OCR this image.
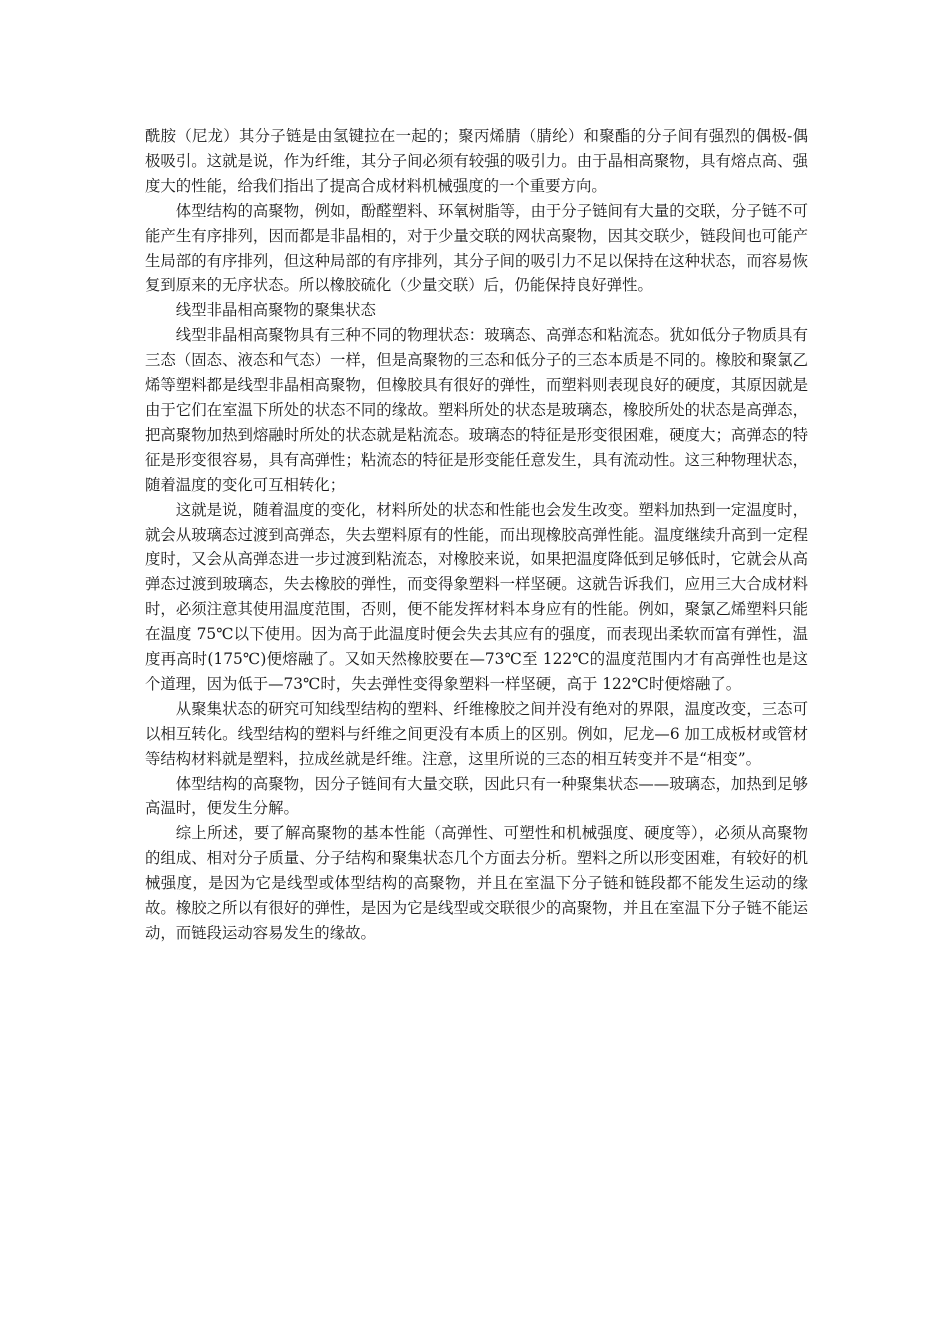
酰胺（尼龙）其分子链是由氢键拉在一起的；聚丙烯腈（腈纶）和聚酯的分子间有强烈的偶极-偶极吸引。这就是说，作为纤维，其分子间必须有较强的吸引力。由于晶相高聚物，具有熔点高、强度大的性能，给我们指出了提高合成材料机械强度的一个重要方向。

体型结构的高聚物，例如，酚醛塑料、环氧树脂等，由于分子链间有大量的交联，分子链不可能产生有序排列，因而都是非晶相的，对于少量交联的网状高聚物，因其交联少，链段间也可能产生局部的有序排列，但这种局部的有序排列，其分子间的吸引力不足以保持在这种状态，而容易恢复到原来的无序状态。所以橡胶硫化（少量交联）后，仍能保持良好弹性。

线型非晶相高聚物的聚集状态

线型非晶相高聚物具有三种不同的物理状态：玻璃态、高弹态和粘流态。犹如低分子物质具有三态（固态、液态和气态）一样，但是高聚物的三态和低分子的三态本质是不同的。橡胶和聚氯乙烯等塑料都是线型非晶相高聚物，但橡胶具有很好的弹性，而塑料则表现良好的硬度，其原因就是由于它们在室温下所处的状态不同的缘故。塑料所处的状态是玻璃态，橡胶所处的状态是高弹态，把高聚物加热到熔融时所处的状态就是粘流态。玻璃态的特征是形变很困难，硬度大；高弹态的特征是形变很容易，具有高弹性；粘流态的特征是形变能任意发生，具有流动性。这三种物理状态，随着温度的变化可互相转化；

这就是说，随着温度的变化，材料所处的状态和性能也会发生改变。塑料加热到一定温度时，就会从玻璃态过渡到高弹态，失去塑料原有的性能，而出现橡胶高弹性能。温度继续升高到一定程度时，又会从高弹态进一步过渡到粘流态，对橡胶来说，如果把温度降低到足够低时，它就会从高弹态过渡到玻璃态，失去橡胶的弹性，而变得象塑料一样坚硬。这就告诉我们，应用三大合成材料时，必须注意其使用温度范围，否则，便不能发挥材料本身应有的性能。例如，聚氯乙烯塑料只能在温度 75℃以下使用。因为高于此温度时便会失去其应有的强度，而表现出柔软而富有弹性，温度再高时(175℃)便熔融了。又如天然橡胶要在—73℃至 122℃的温度范围内才有高弹性也是这个道理，因为低于—73℃时，失去弹性变得象塑料一样坚硬，高于 122℃时便熔融了。

从聚集状态的研究可知线型结构的塑料、纤维橡胶之间并没有绝对的界限，温度改变，三态可以相互转化。线型结构的塑料与纤维之间更没有本质上的区别。例如，尼龙—6 加工成板材或管材等结构材料就是塑料，拉成丝就是纤维。注意，这里所说的三态的相互转变并不是“相变”。

体型结构的高聚物，因分子链间有大量交联，因此只有一种聚集状态——玻璃态，加热到足够高温时，便发生分解。

综上所述，要了解高聚物的基本性能（高弹性、可塑性和机械强度、硬度等），必须从高聚物的组成、相对分子质量、分子结构和聚集状态几个方面去分析。塑料之所以形变困难，有较好的机械强度，是因为它是线型或体型结构的高聚物，并且在室温下分子链和链段都不能发生运动的缘故。橡胶之所以有很好的弹性，是因为它是线型或交联很少的高聚物，并且在室温下分子链不能运动，而链段运动容易发生的缘故。
